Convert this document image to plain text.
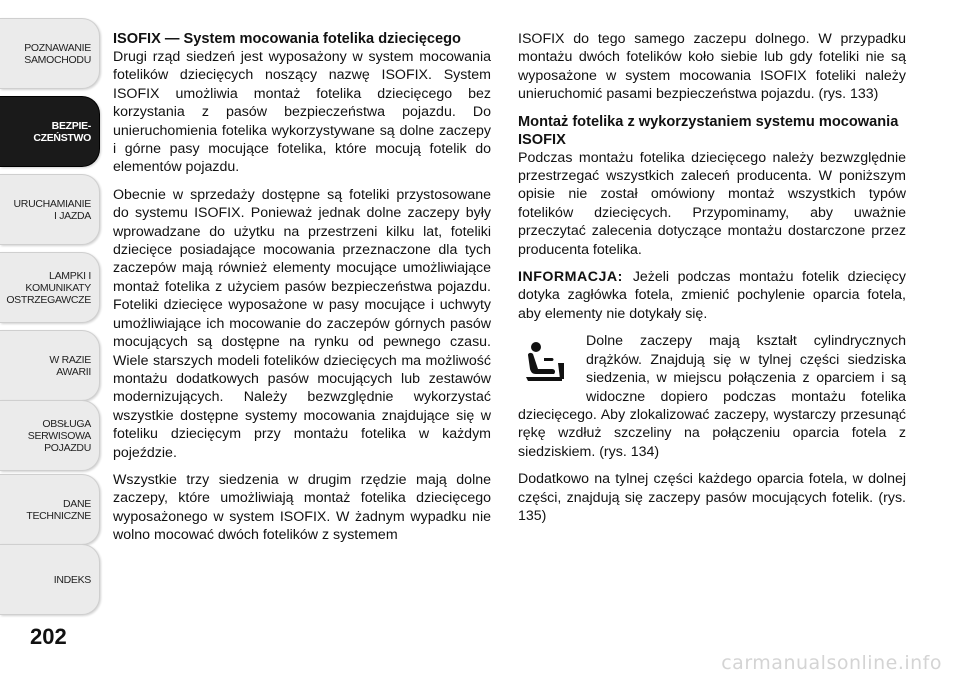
POZNAWANIE
SAMOCHODU
BEZPIE-
CZEŃSTWO
URUCHAMIANIE
I JAZDA
LAMPKI I
KOMUNIKATY
OSTRZEGAWCZE
W RAZIE
AWARII
OBSŁUGA
SERWISOWA
POJAZDU
DANE
TECHNICZNE
INDEKS
202
ISOFIX — System mocowania fotelika dziecięcego

Drugi rząd siedzeń jest wyposażony w system mocowania fotelików dziecięcych noszący nazwę ISOFIX. System ISOFIX umożliwia montaż fotelika dziecięcego bez korzystania z pasów bezpieczeństwa pojazdu. Do unieruchomienia fotelika wykorzystywane są dolne zaczepy i górne pasy mocujące fotelika, które mocują fotelik do elementów pojazdu.

Obecnie w sprzedaży dostępne są foteliki przystosowane do systemu ISOFIX. Ponieważ jednak dolne zaczepy były wprowadzane do użytku na przestrzeni kilku lat, foteliki dziecięce posiadające mocowania przeznaczone dla tych zaczepów mają również elementy mocujące umożliwiające montaż fotelika z użyciem pasów bezpieczeństwa pojazdu. Foteliki dziecięce wyposażone w pasy mocujące i uchwyty umożliwiające ich mocowanie do zaczepów górnych pasów mocujących są dostępne na rynku od pewnego czasu. Wiele starszych modeli fotelików dziecięcych ma możliwość montażu dodatkowych pasów mocujących lub zestawów modernizujących. Należy bezwzględnie wykorzystać wszystkie dostępne systemy mocowania znajdujące się w foteliku dziecięcym przy montażu fotelika w każdym pojeździe.

Wszystkie trzy siedzenia w drugim rzędzie mają dolne zaczepy, które umożliwiają montaż fotelika dziecięcego wyposażonego w system ISOFIX. W żadnym wypadku nie wolno mocować dwóch fotelików z systemem

ISOFIX do tego samego zaczepu dolnego. W przypadku montażu dwóch fotelików koło siebie lub gdy foteliki nie są wyposażone w system mocowania ISOFIX foteliki należy unieruchomić pasami bezpieczeństwa pojazdu. (rys. 133)

Montaż fotelika z wykorzystaniem systemu mocowania ISOFIX

Podczas montażu fotelika dziecięcego należy bezwzględnie przestrzegać wszystkich zaleceń producenta. W poniższym opisie nie został omówiony montaż wszystkich typów fotelików dziecięcych. Przypominamy, aby uważnie przeczytać zalecenia dotyczące montażu dostarczone przez producenta fotelika.

INFORMACJA: Jeżeli podczas montażu fotelik dziecięcy dotyka zagłówka fotela, zmienić pochylenie oparcia fotela, aby elementy nie dotykały się.

Dolne zaczepy mają kształt cylindrycznych drążków. Znajdują się w tylnej części siedziska siedzenia, w miejscu połączenia z oparciem i są widoczne dopiero podczas montażu fotelika dziecięcego. Aby zlokalizować zaczepy, wystarczy przesunąć rękę wzdłuż szczeliny na połączeniu oparcia fotela z siedziskiem. (rys. 134)

Dodatkowo na tylnej części każdego oparcia fotela, w dolnej części, znajdują się zaczepy pasów mocujących fotelik. (rys. 135)

carmanualsonline.info
